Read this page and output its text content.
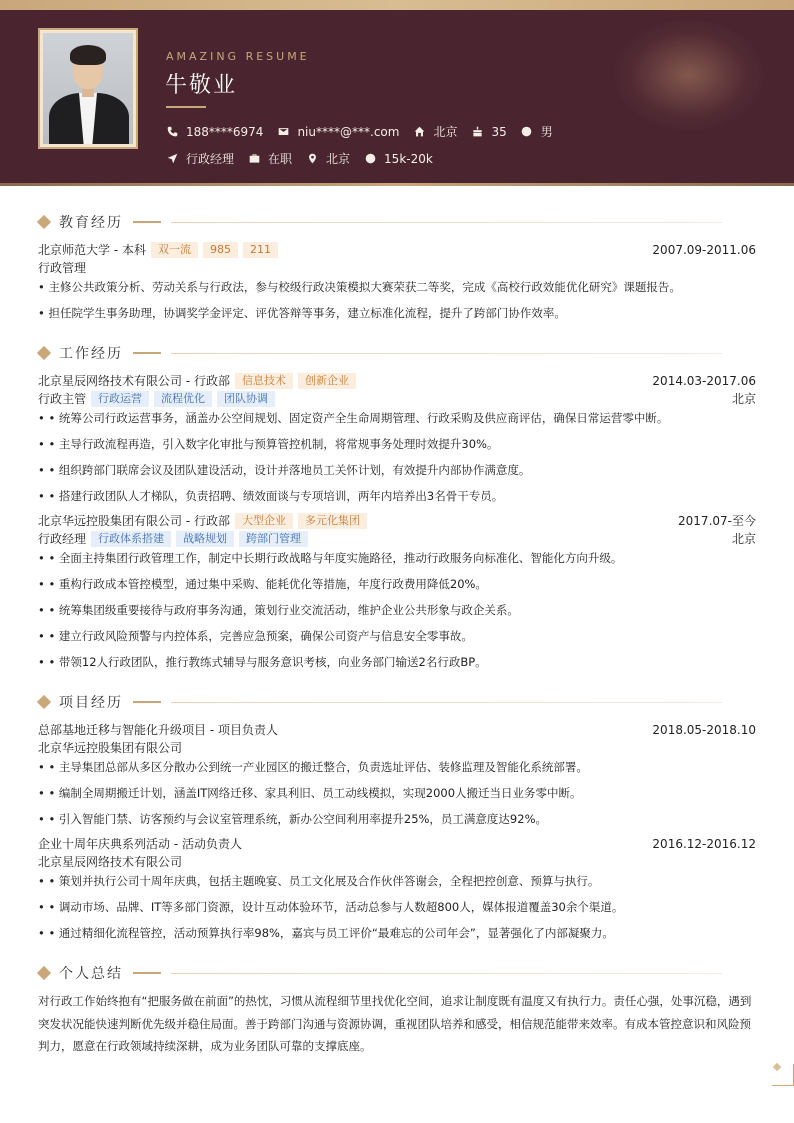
AMAZING RESUME
牛敬业
188****6974	niu****@***.com	北京	35	男
行政经理	在职	北京	15k-20k
教育经历
北京师范大学 - 本科	双一流	985	211	2007.09-2011.06
行政管理
• 主修公共政策分析、劳动关系与行政法，参与校级行政决策模拟大赛荣获二等奖，完成《高校行政效能优化研究》课题报告。
• 担任院学生事务助理，协调奖学金评定、评优答辩等事务，建立标准化流程，提升了跨部门协作效率。
工作经历
北京星辰网络技术有限公司 - 行政部	信息技术	创新企业	2014.03-2017.06
行政主管	行政运营	流程优化	团队协调	北京
• • 统筹公司行政运营事务，涵盖办公空间规划、固定资产全生命周期管理、行政采购及供应商评估，确保日常运营零中断。
• • 主导行政流程再造，引入数字化审批与预算管控机制，将常规事务处理时效提升30%。
• • 组织跨部门联席会议及团队建设活动，设计并落地员工关怀计划，有效提升内部协作满意度。
• • 搭建行政团队人才梯队，负责招聘、绩效面谈与专项培训，两年内培养出3名骨干专员。
北京华远控股集团有限公司 - 行政部	大型企业	多元化集团	2017.07-至今
行政经理	行政体系搭建	战略规划	跨部门管理	北京
• • 全面主持集团行政管理工作，制定中长期行政战略与年度实施路径，推动行政服务向标准化、智能化方向升级。
• • 重构行政成本管控模型，通过集中采购、能耗优化等措施，年度行政费用降低20%。
• • 统筹集团级重要接待与政府事务沟通，策划行业交流活动，维护企业公共形象与政企关系。
• • 建立行政风险预警与内控体系，完善应急预案，确保公司资产与信息安全零事故。
• • 带领12人行政团队，推行教练式辅导与服务意识考核，向业务部门输送2名行政BP。
项目经历
总部基地迁移与智能化升级项目 - 项目负责人	2018.05-2018.10
北京华远控股集团有限公司
• • 主导集团总部从多区分散办公到统一产业园区的搬迁整合，负责选址评估、装修监理及智能化系统部署。
• • 编制全周期搬迁计划，涵盖IT网络迁移、家具利旧、员工动线模拟，实现2000人搬迁当日业务零中断。
• • 引入智能门禁、访客预约与会议室管理系统，新办公空间利用率提升25%，员工满意度达92%。
企业十周年庆典系列活动 - 活动负责人	2016.12-2016.12
北京星辰网络技术有限公司
• • 策划并执行公司十周年庆典，包括主题晚宴、员工文化展及合作伙伴答谢会，全程把控创意、预算与执行。
• • 调动市场、品牌、IT等多部门资源，设计互动体验环节，活动总参与人数超800人，媒体报道覆盖30余个渠道。
• • 通过精细化流程管控，活动预算执行率98%，嘉宾与员工评价“最难忘的公司年会”，显著强化了内部凝聚力。
个人总结
对行政工作始终抱有“把服务做在前面”的热忱，习惯从流程细节里找优化空间，追求让制度既有温度又有执行力。责任心强，处事沉稳，遇到突发状况能快速判断优先级并稳住局面。善于跨部门沟通与资源协调，重视团队培养和感受，相信规范能带来效率。有成本管控意识和风险预判力，愿意在行政领域持续深耕，成为业务团队可靠的支撑底座。
